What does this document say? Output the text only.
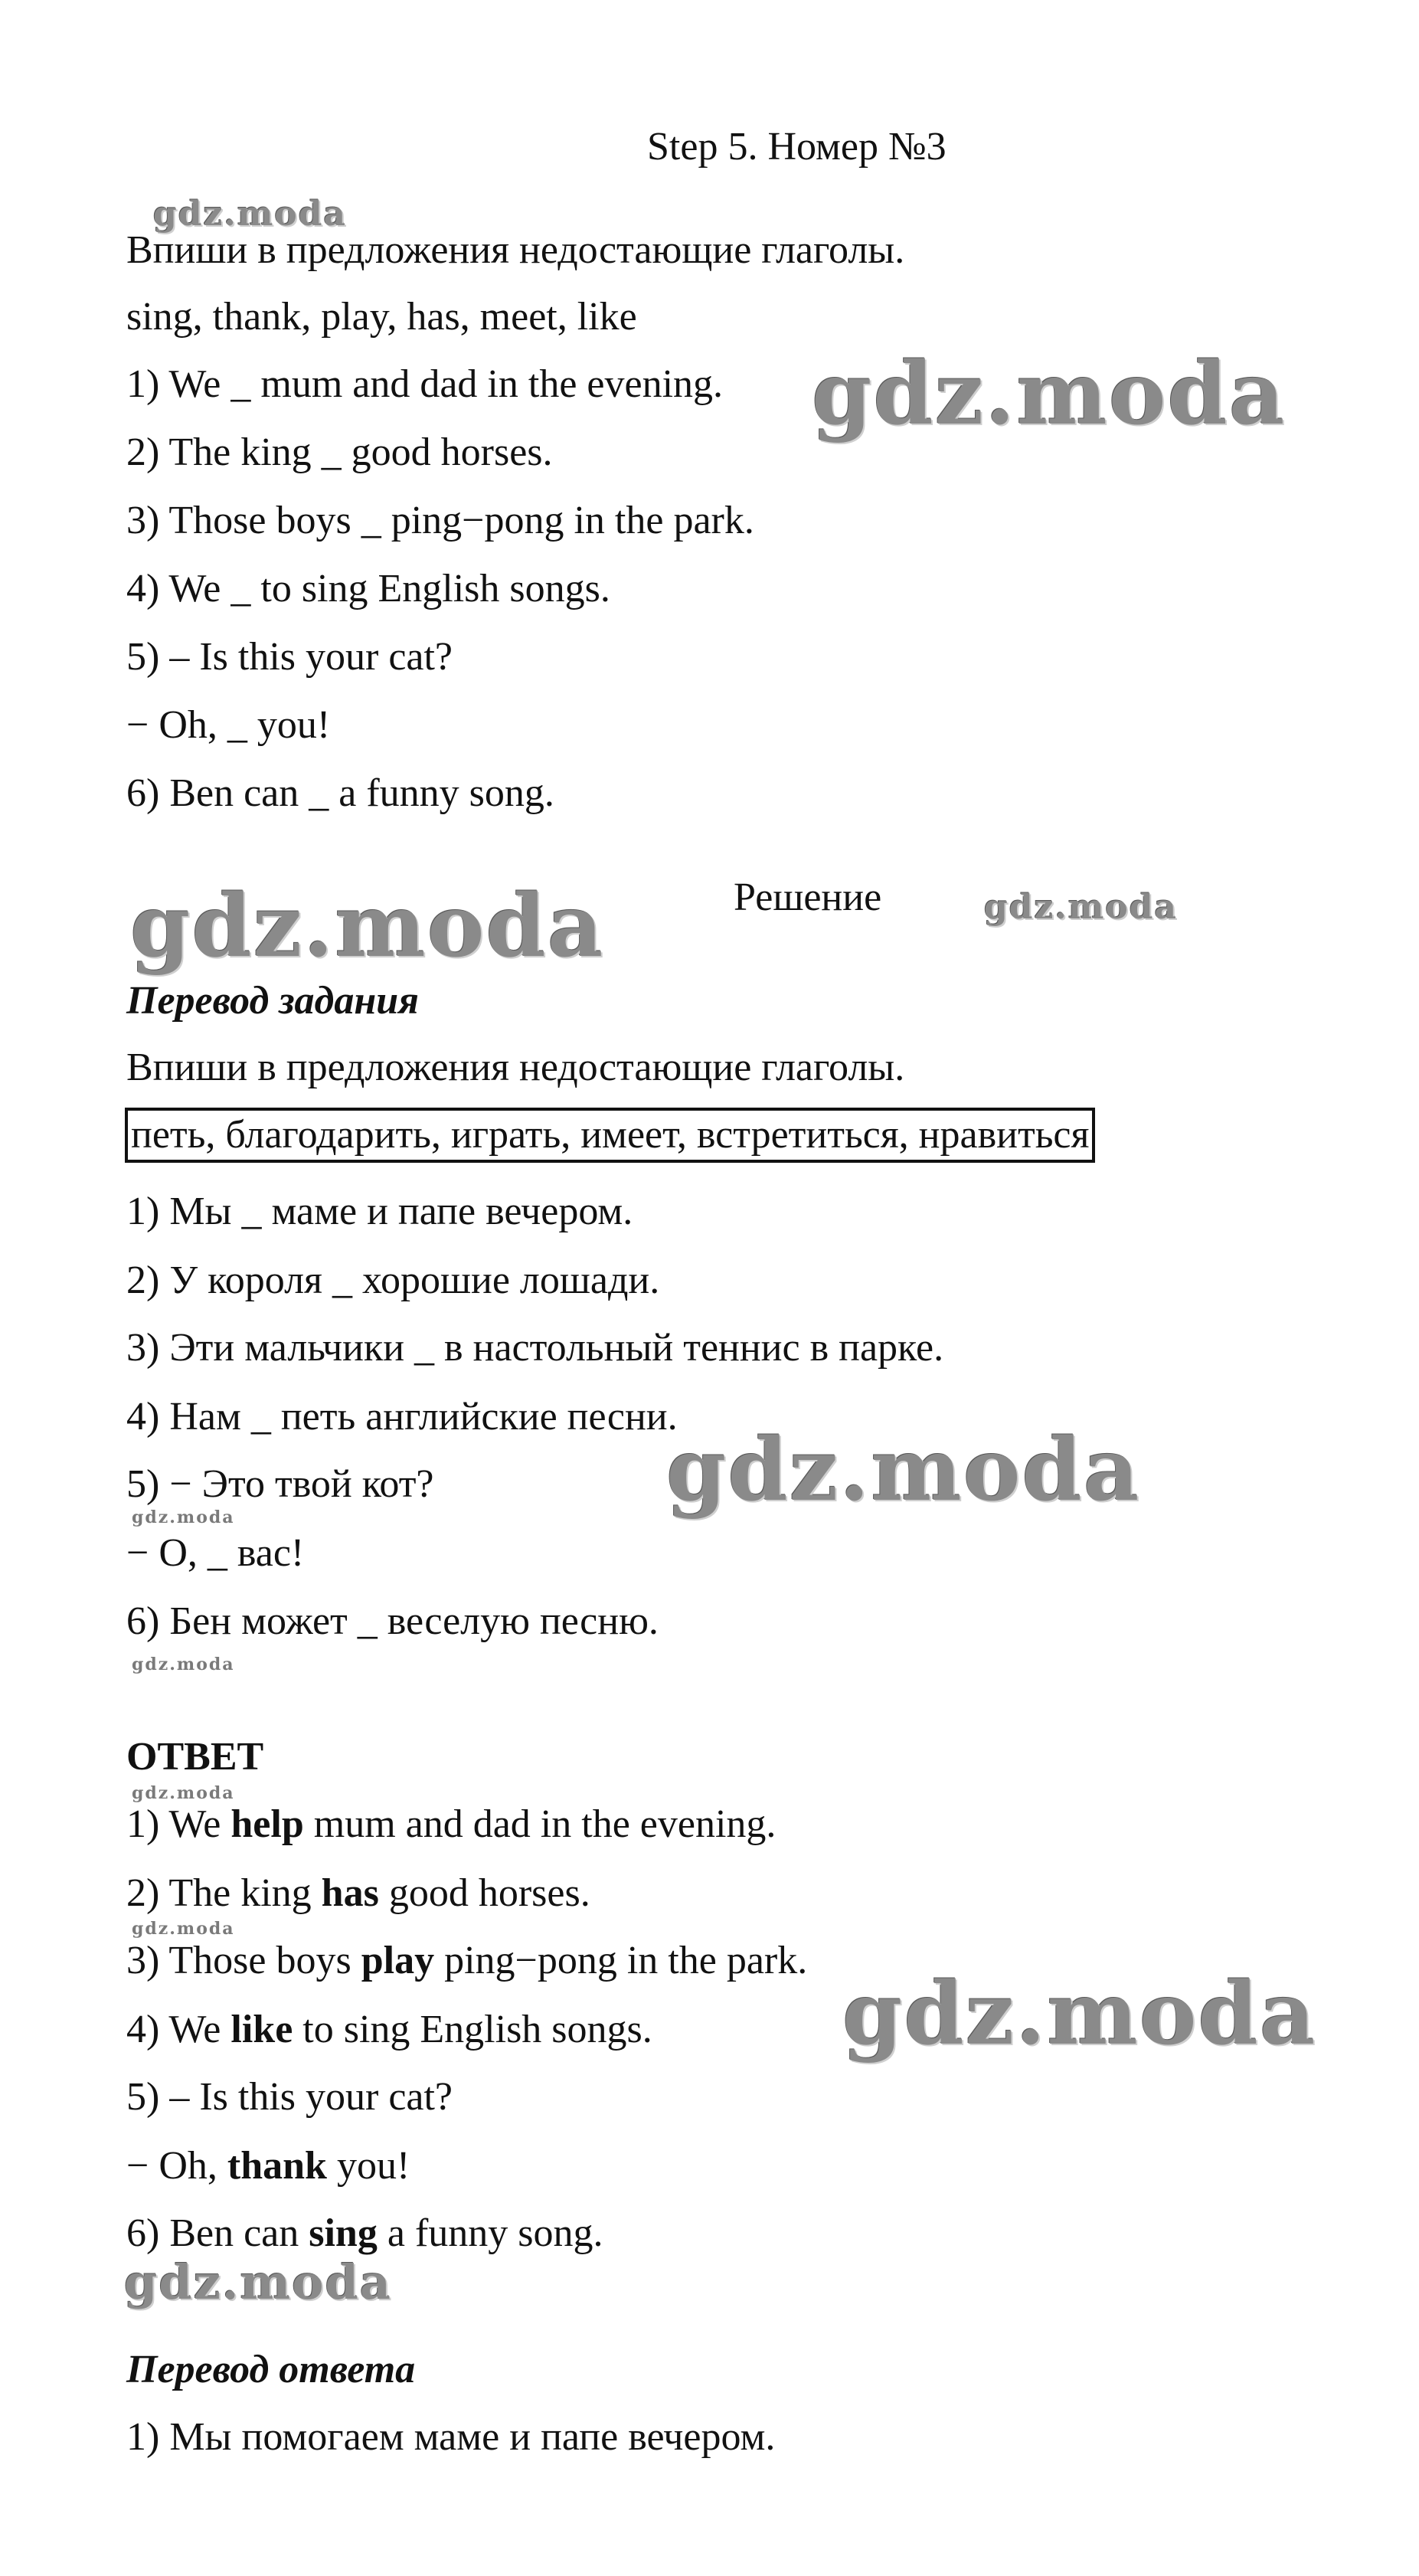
Step 5. Номер №3
Впиши в предложения недостающие глаголы.
sing, thank, play, has, meet, like
1) We _ mum and dad in the evening.
2) The king _ good horses.
3) Those boys _ ping−pong in the park.
4) We _ to sing English songs.
5) – Is this your cat?
− Oh, _ you!
6) Ben can _ a funny song.
Решение
Перевод задания
Впиши в предложения недостающие глаголы.
петь, благодарить, играть, имеет, встретиться, нравиться
1) Мы _ маме и папе вечером.
2) У короля _ хорошие лошади.
3) Эти мальчики _ в настольный теннис в парке.
4) Нам _ петь английские песни.
5) − Это твой кот?
− О, _ вас!
6) Бен может _ веселую песню.
ОТВЕТ
1) We help mum and dad in the evening.
2) The king has good horses.
3) Those boys play ping−pong in the park.
4) We like to sing English songs.
5) – Is this your cat?
− Oh, thank you!
6) Ben can sing a funny song.
Перевод ответа
1) Мы помогаем маме и папе вечером.
gdz.moda
gdz.moda
gdz.moda	gdz.moda
gdz.moda
gdz.moda
gdz.moda
gdz.moda
gdz.moda
gdz.moda
gdz.moda
